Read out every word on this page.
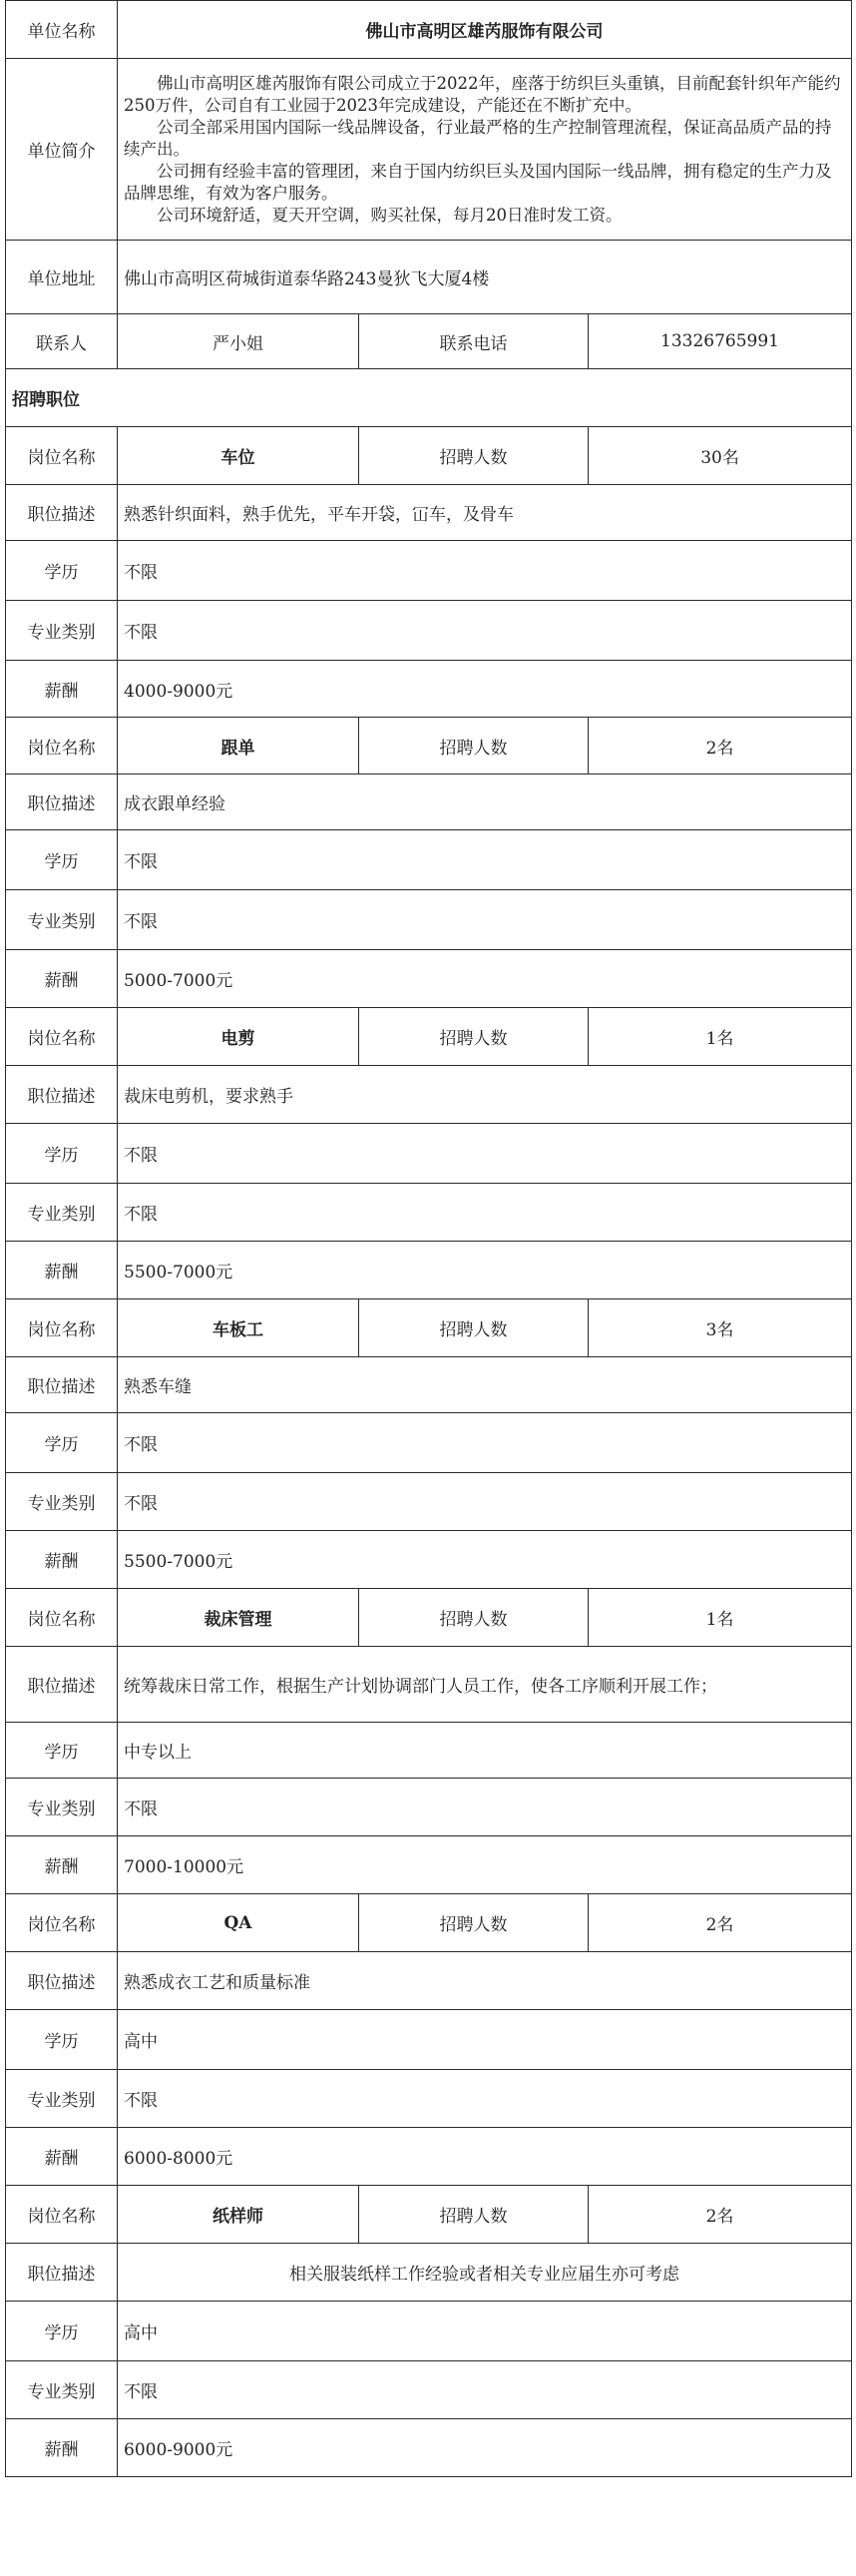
单位名称	佛山市高明区雄芮服饰有限公司		
单位简介	佛山市高明区雄芮服饰有限公司成立于2022年，座落于纺织巨头重镇，目前配套针织年产能约250万件，公司自有工业园于2023年完成建设，产能还在不断扩充中。

公司全部采用国内国际一线品牌设备，行业最严格的生产控制管理流程，保证高品质产品的持续产出。

公司拥有经验丰富的管理团，来自于国内纺织巨头及国内国际一线品牌，拥有稳定的生产力及品牌思维，有效为客户服务。

公司环境舒适，夏天开空调，购买社保，每月20日准时发工资。		

单位地址	佛山市高明区荷城街道泰华路243曼狄飞大厦4楼		
联系人	严小姐	联系电话	13326765991
招聘职位			
岗位名称	车位	招聘人数	30名
职位描述	熟悉针织面料，熟手优先，平车开袋，冚车，及骨车		
学历	不限		
专业类别	不限		
薪酬	4000-9000元		
岗位名称	跟单	招聘人数	2名
职位描述	成衣跟单经验		
学历	不限		
专业类别	不限		
薪酬	5000-7000元		
岗位名称	电剪	招聘人数	1名
职位描述	裁床电剪机，要求熟手		
学历	不限		
专业类别	不限		
薪酬	5500-7000元		
岗位名称	车板工	招聘人数	3名
职位描述	熟悉车缝		
学历	不限		
专业类别	不限		
薪酬	5500-7000元		
岗位名称	裁床管理	招聘人数	1名
职位描述	统筹裁床日常工作，根据生产计划协调部门人员工作，使各工序顺利开展工作；		
学历	中专以上		
专业类别	不限		
薪酬	7000-10000元		
岗位名称	QA	招聘人数	2名
职位描述	熟悉成衣工艺和质量标准		
学历	高中		
专业类别	不限		
薪酬	6000-8000元		
岗位名称	纸样师	招聘人数	2名
职位描述	相关服装纸样工作经验或者相关专业应届生亦可考虑		
学历	高中		
专业类别	不限		
薪酬	6000-9000元		
